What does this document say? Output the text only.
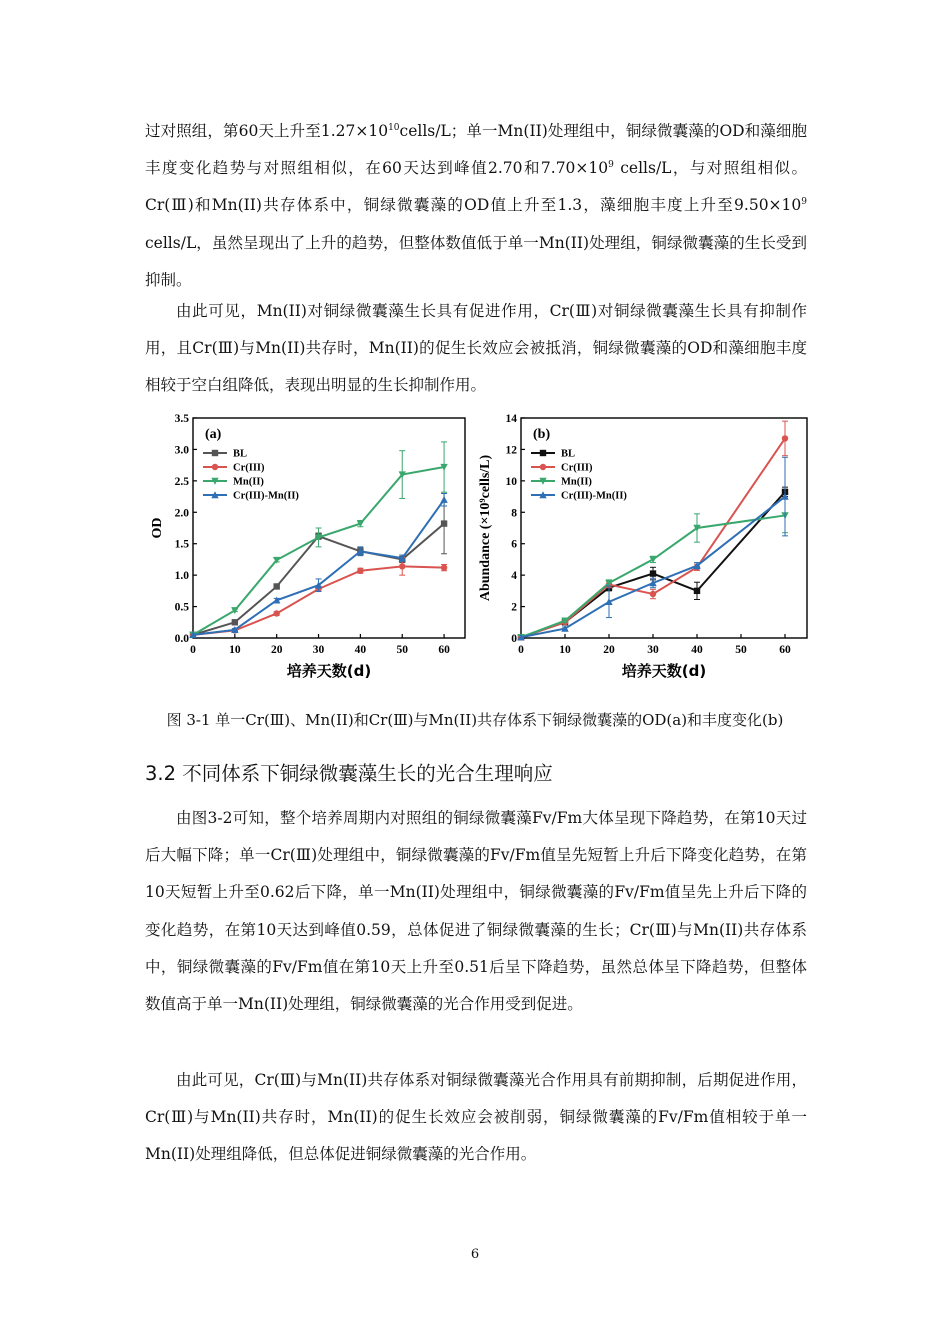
过对照组，第60天上升至$1.27\times 10^{10}cells/L$；单一Mn(II)处理组中，铜绿微囊藻的OD和藻细胞丰度变化趋势与对照组相似，在60天达到峰值2.70和$7.70\times 10^9$ cells/L，与对照组相似。Cr(Ⅲ)和Mn(II)共存体系中，铜绿微囊藻的OD值上升至1.3，藻细胞丰度上升至$9.50\times 10^9$ cells/L，虽然呈现出了上升的趋势，但整体数值低于单一Mn(II)处理组，铜绿微囊藻的生长受到抑制。

由此可见，Mn(II)对铜绿微囊藻生长具有促进作用，Cr(Ⅲ)对铜绿微囊藻生长具有抑制作用，且Cr(Ⅲ)与Mn(II)共存时，Mn(II)的促生长效应会被抵消，铜绿微囊藻的OD和藻细胞丰度相较于空白组降低，表现出明显的生长抑制作用。

0.0
0.5
1.0
1.5
2.0
2.5
3.0
3.5
0	10	20	30	40	50	60
培养天数(d)
OD
(a)
BL
Cr(III)
Mn(II)
Cr(III)-Mn(II)
0
2
4
6
8
10
12
14
0	10	20	30	40	50	60
培养天数(d)
Abundance (×10⁹cells/L)
(b)
BL
Cr(III)
Mn(II)
Cr(III)-Mn(II)

图 3-1 单一Cr(Ⅲ)、Mn(II)和Cr(Ⅲ)与Mn(II)共存体系下铜绿微囊藻的OD(a)和丰度变化(b)

3.2 不同体系下铜绿微囊藻生长的光合生理响应

由图3-2可知，整个培养周期内对照组的铜绿微囊藻Fv/Fm大体呈现下降趋势，在第10天过后大幅下降；单一Cr(Ⅲ)处理组中，铜绿微囊藻的Fv/Fm值呈先短暂上升后下降变化趋势，在第10天短暂上升至0.62后下降，单一Mn(II)处理组中，铜绿微囊藻的Fv/Fm值呈先上升后下降的变化趋势，在第10天达到峰值0.59，总体促进了铜绿微囊藻的生长；Cr(Ⅲ)与Mn(II)共存体系中，铜绿微囊藻的Fv/Fm值在第10天上升至0.51后呈下降趋势，虽然总体呈下降趋势，但整体数值高于单一Mn(II)处理组，铜绿微囊藻的光合作用受到促进。

由此可见，Cr(Ⅲ)与Mn(II)共存体系对铜绿微囊藻光合作用具有前期抑制，后期促进作用，Cr(Ⅲ)与Mn(II)共存时，Mn(II)的促生长效应会被削弱，铜绿微囊藻的Fv/Fm值相较于单一Mn(II)处理组降低，但总体促进铜绿微囊藻的光合作用。

6
